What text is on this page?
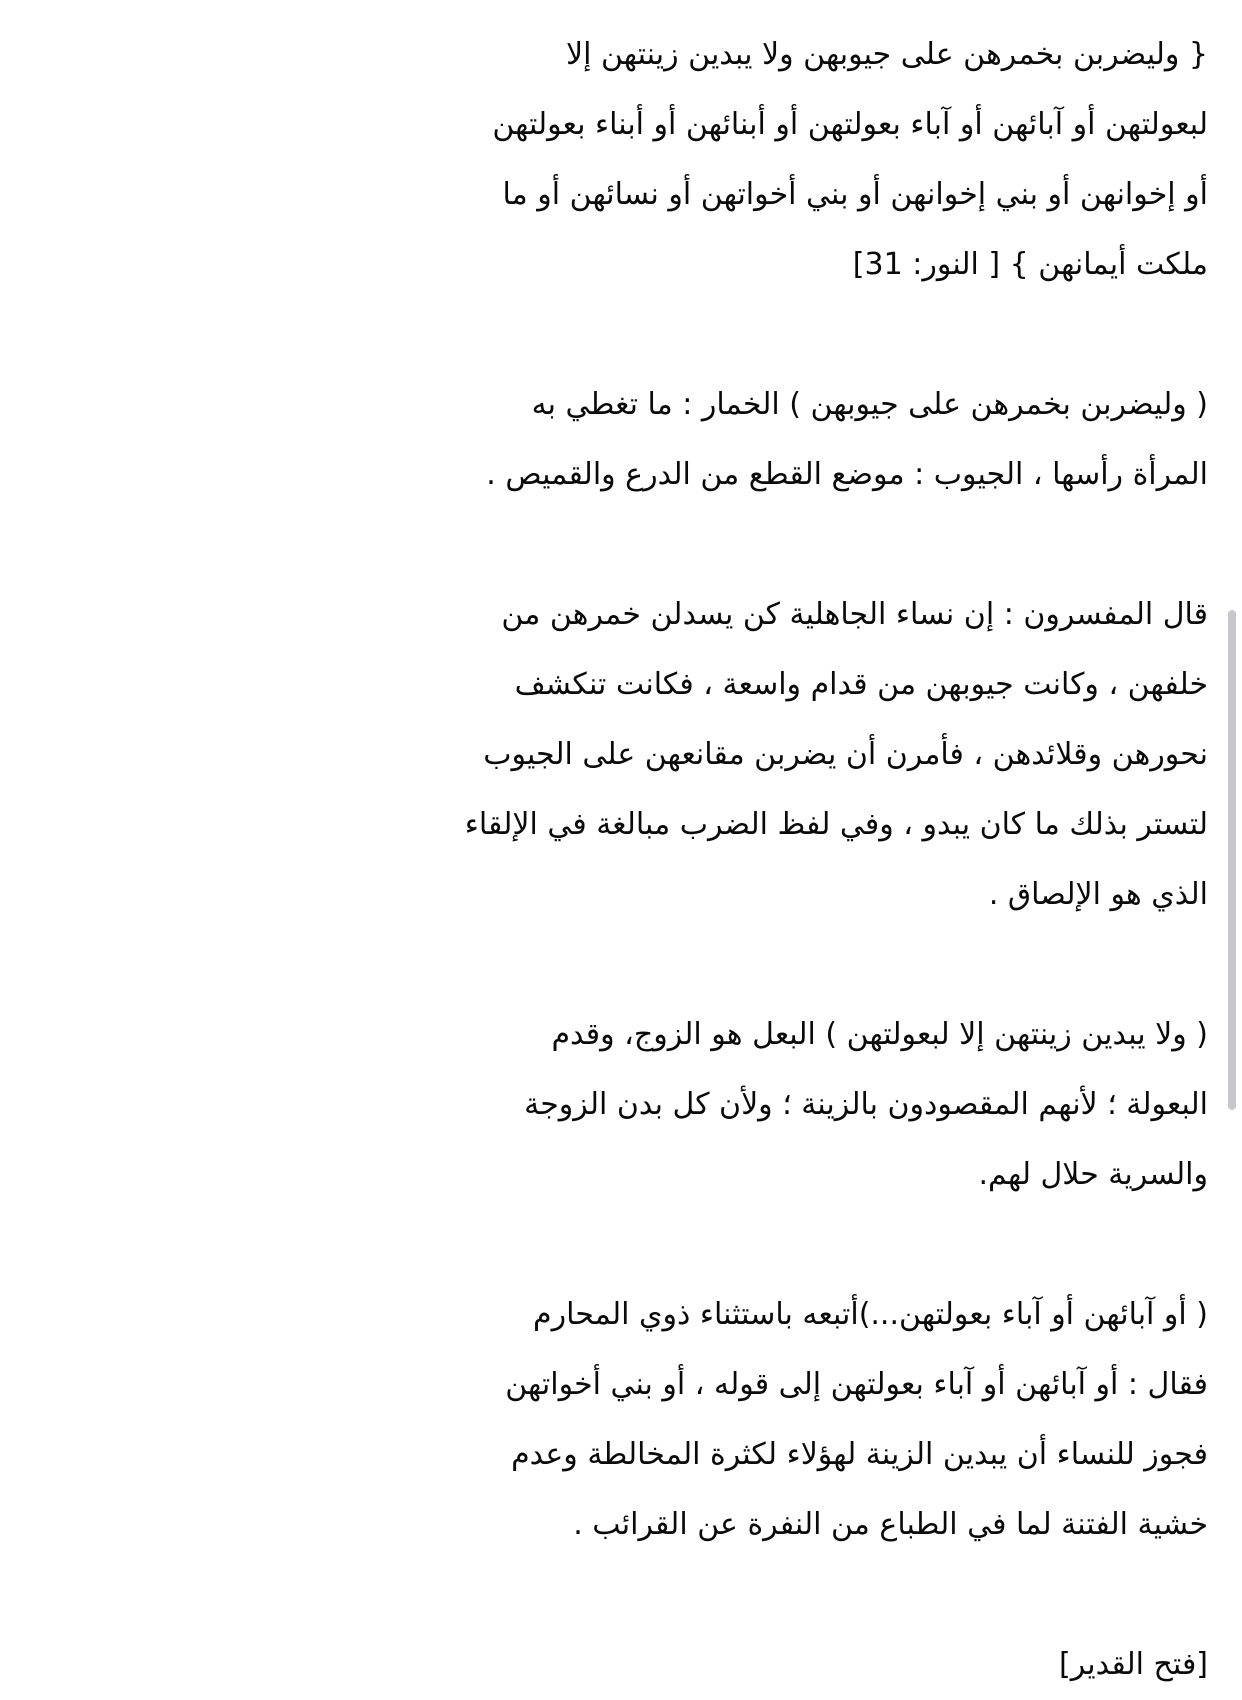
{ وليضربن بخمرهن على جيوبهن ولا يبدين زينتهن إلا
لبعولتهن أو آبائهن أو آباء بعولتهن أو أبنائهن أو أبناء بعولتهن
أو إخوانهن أو بني إخوانهن أو بني أخواتهن أو نسائهن أو ما
ملكت أيمانهن } [ النور: 31]

( وليضربن بخمرهن على جيوبهن ) الخمار : ما تغطي به
المرأة رأسها ، الجيوب : موضع القطع من الدرع والقميص .

قال المفسرون : إن نساء الجاهلية كن يسدلن خمرهن من
خلفهن ، وكانت جيوبهن من قدام واسعة ، فكانت تنكشف
نحورهن وقلائدهن ، فأمرن أن يضربن مقانعهن على الجيوب
لتستر بذلك ما كان يبدو ، وفي لفظ الضرب مبالغة في الإلقاء
الذي هو الإلصاق .

( ولا يبدين زينتهن إلا لبعولتهن ) البعل هو الزوج، وقدم
البعولة ؛ لأنهم المقصودون بالزينة ؛ ولأن كل بدن الزوجة
والسرية حلال لهم.

( أو آبائهن أو آباء بعولتهن...)أتبعه باستثناء ذوي المحارم
فقال : أو آبائهن أو آباء بعولتهن إلى قوله ، أو بني أخواتهن
فجوز للنساء أن يبدين الزينة لهؤلاء لكثرة المخالطة وعدم
خشية الفتنة لما في الطباع من النفرة عن القرائب .

[فتح القدير]
